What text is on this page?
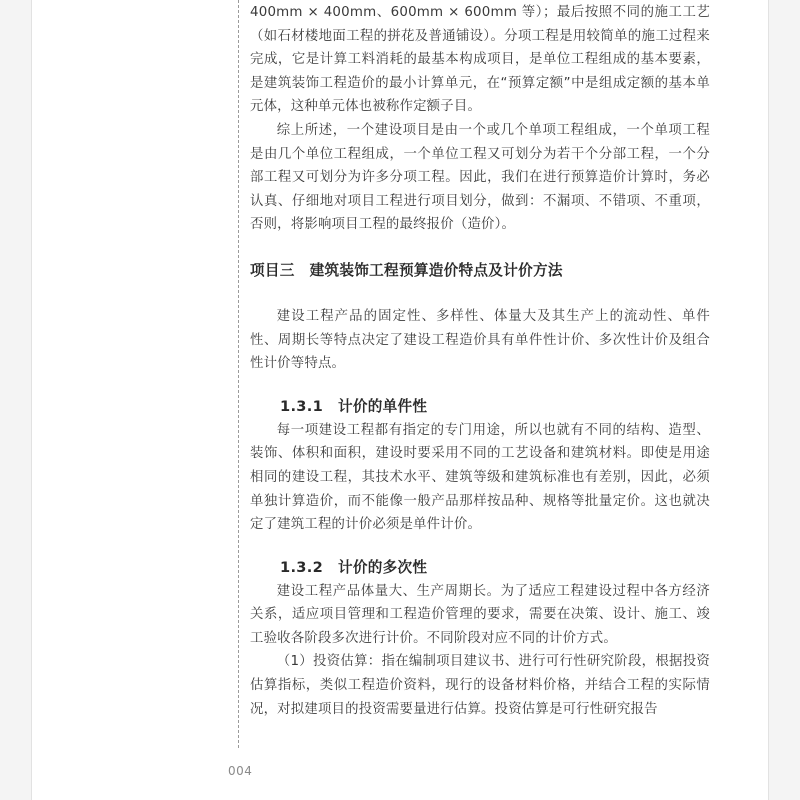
400mm × 400mm、600mm × 600mm 等）；最后按照不同的施工工艺（如石材楼地面工程的拼花及普通铺设）。分项工程是用较简单的施工过程来完成，它是计算工料消耗的最基本构成项目，是单位工程组成的基本要素，是建筑装饰工程造价的最小计算单元，在“预算定额”中是组成定额的基本单元体，这种单元体也被称作定额子目。

综上所述，一个建设项目是由一个或几个单项工程组成，一个单项工程是由几个单位工程组成，一个单位工程又可划分为若干个分部工程，一个分部工程又可划分为许多分项工程。因此，我们在进行预算造价计算时，务必认真、仔细地对项目工程进行项目划分，做到：不漏项、不错项、不重项，否则，将影响项目工程的最终报价（造价）。

项目三　建筑装饰工程预算造价特点及计价方法

建设工程产品的固定性、多样性、体量大及其生产上的流动性、单件性、周期长等特点决定了建设工程造价具有单件性计价、多次性计价及组合性计价等特点。

1.3.1　计价的单件性

每一项建设工程都有指定的专门用途，所以也就有不同的结构、造型、装饰、体积和面积，建设时要采用不同的工艺设备和建筑材料。即使是用途相同的建设工程，其技术水平、建筑等级和建筑标准也有差别，因此，必须单独计算造价，而不能像一般产品那样按品种、规格等批量定价。这也就决定了建筑工程的计价必须是单件计价。

1.3.2　计价的多次性

建设工程产品体量大、生产周期长。为了适应工程建设过程中各方经济关系，适应项目管理和工程造价管理的要求，需要在决策、设计、施工、竣工验收各阶段多次进行计价。不同阶段对应不同的计价方式。

（1）投资估算：指在编制项目建议书、进行可行性研究阶段，根据投资估算指标，类似工程造价资料，现行的设备材料价格，并结合工程的实际情况，对拟建项目的投资需要量进行估算。投资估算是可行性研究报告

004
